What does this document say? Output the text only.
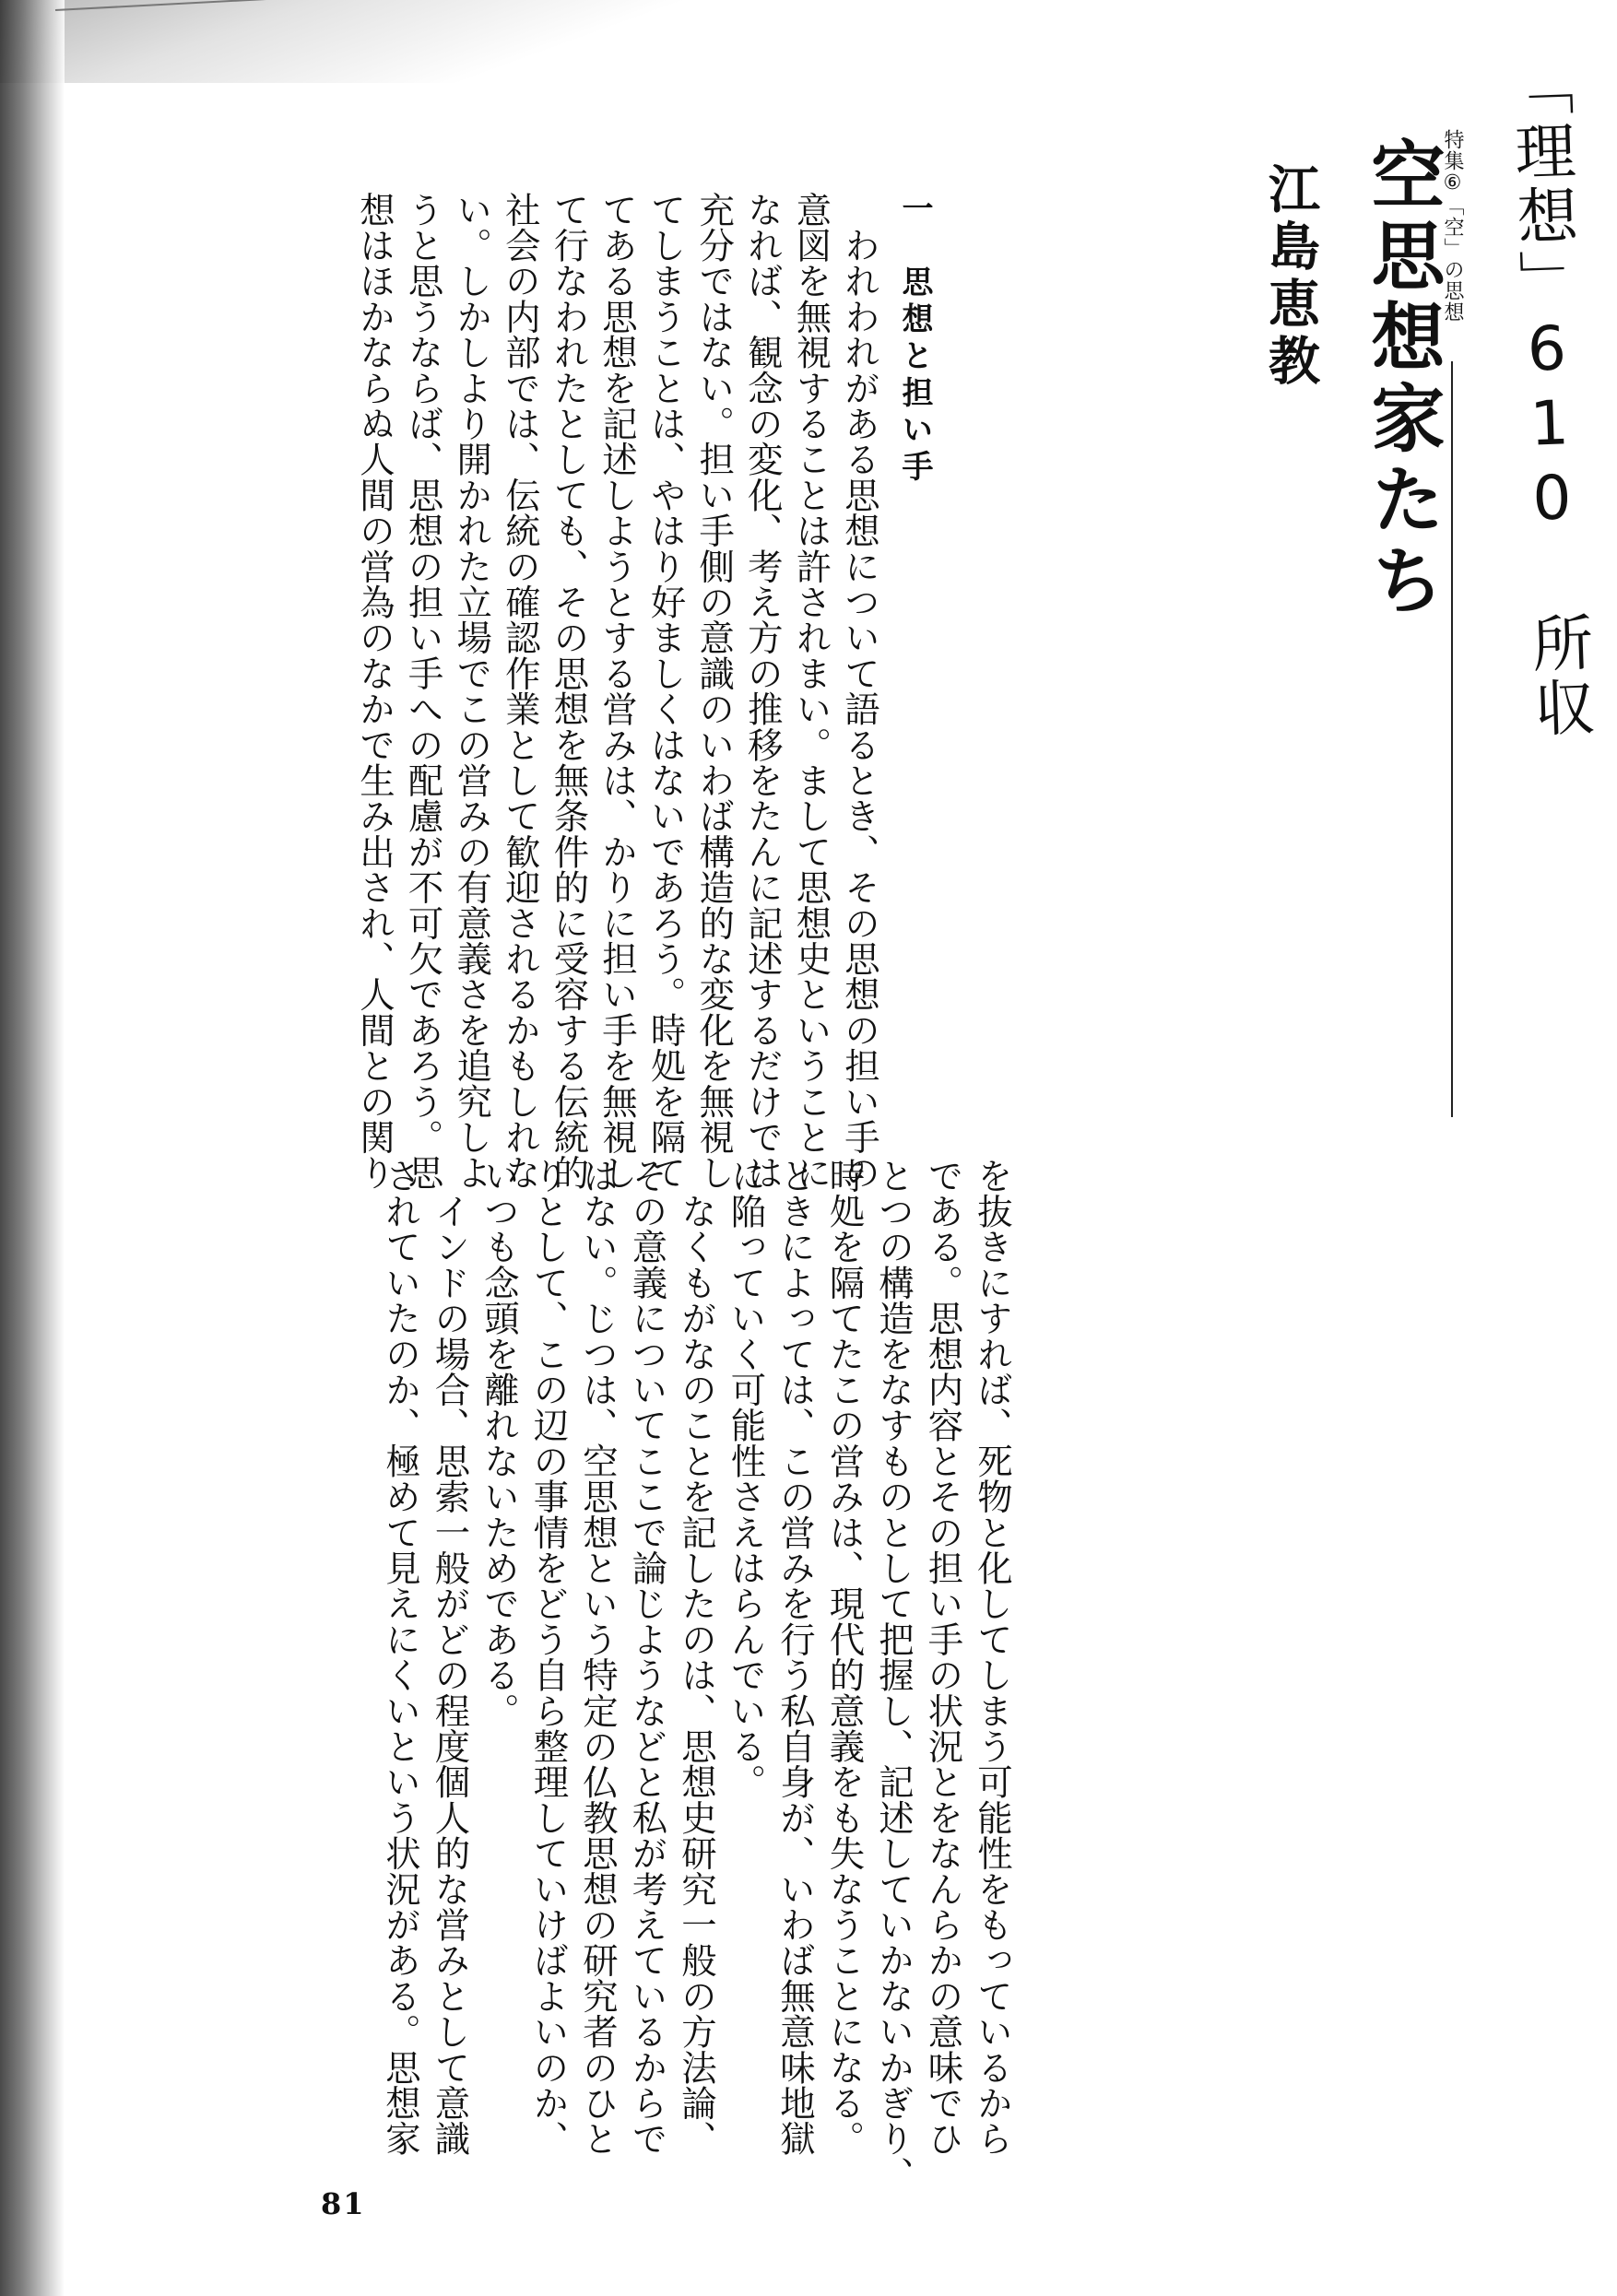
「理想」610 所収
特集⑥「空」の思想
空思想家たち
江島恵教
一　思想と担い手
　われわれがある思想について語るとき、その思想の担い手の
意図を無視することは許されまい。まして思想史ということに
なれば、観念の変化、考え方の推移をたんに記述するだけでは
充分ではない。担い手側の意識のいわば構造的な変化を無視し
てしまうことは、やはり好ましくはないであろう。時処を隔て
てある思想を記述しようとする営みは、かりに担い手を無視し
て行なわれたとしても、その思想を無条件的に受容する伝統的
社会の内部では、伝統の確認作業として歓迎されるかもしれな
い。しかしより開かれた立場でこの営みの有意義さを追究しよ
うと思うならば、思想の担い手への配慮が不可欠であろう。思
想はほかならぬ人間の営為のなかで生み出され、人間との関り
を抜きにすれば、死物と化してしまう可能性をもっているから
である。思想内容とその担い手の状況とをなんらかの意味でひ
とつの構造をなすものとして把握し、記述していかないかぎり、
時処を隔てたこの営みは、現代的意義をも失なうことになる。
ときによっては、この営みを行う私自身が、いわば無意味地獄
に陥っていく可能性さえはらんでいる。
　なくもがなのことを記したのは、思想史研究一般の方法論、
その意義についてここで論じようなどと私が考えているからで
はない。じつは、空思想という特定の仏教思想の研究者のひと
りとして、この辺の事情をどう自ら整理していけばよいのか、
いつも念頭を離れないためである。
　インドの場合、思索一般がどの程度個人的な営みとして意識
されていたのか、極めて見えにくいという状況がある。思想家
81
